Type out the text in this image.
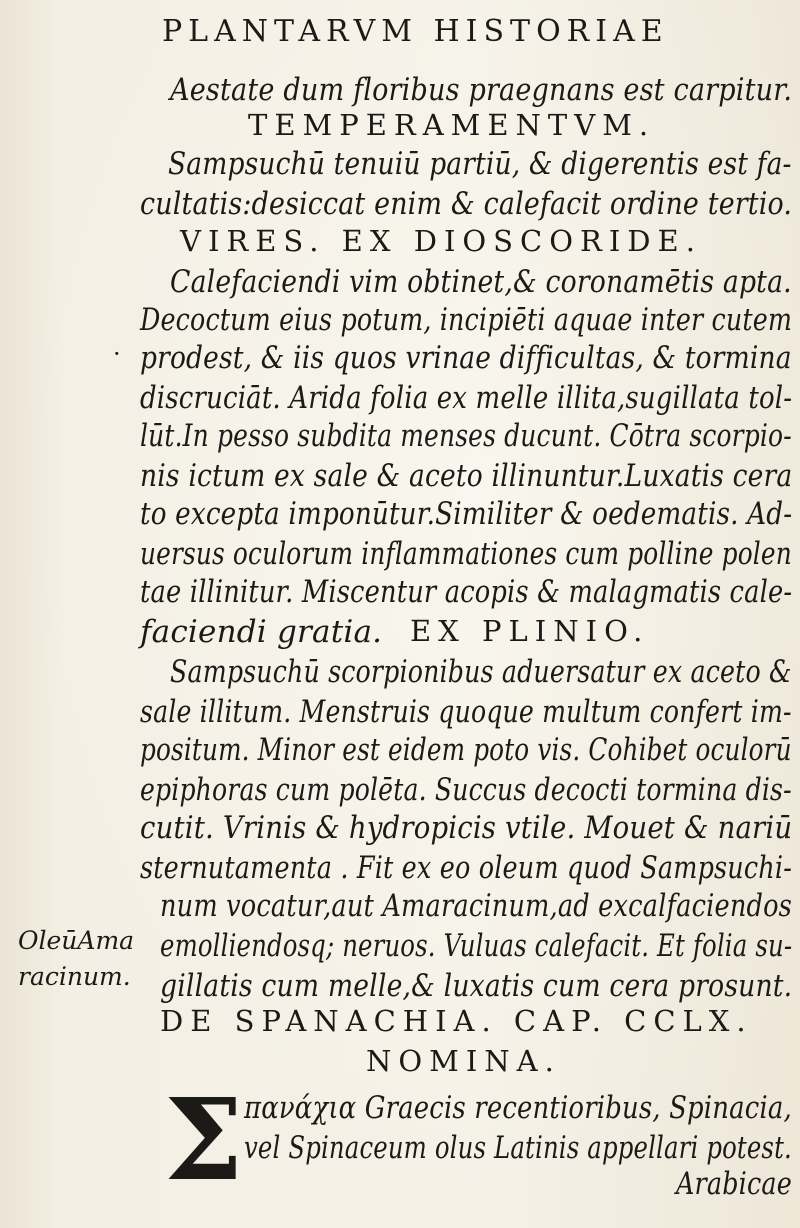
PLANTARVM HISTORIAE
Aestate dum floribus praegnans est carpitur.
TEMPERAMENTVM.
Sampsuchū tenuiū partiū, & digerentis est fa-
cultatis:desiccat enim & calefacit ordine tertio.
VIRES. EX DIOSCORIDE.
Calefaciendi vim obtinet,& coronamētis apta.
Decoctum eius potum, incipiēti aquae inter cutem
· prodest, & iis quos vrinae difficultas, & tormina
discruciāt. Arida folia ex melle illita,sugillata tol-
lūt.In pesso subdita menses ducunt. Cōtra scorpio-
nis ictum ex sale & aceto illinuntur.Luxatis cera
to excepta imponūtur.Similiter & oedematis. Ad-
uersus oculorum inflammationes cum polline polen
tae illinitur. Miscentur acopis & malagmatis cale-
faciendi gratia. EX PLINIO.
Sampsuchū scorpionibus aduersatur ex aceto &
sale illitum. Menstruis quoque multum confert im-
positum. Minor est eidem poto vis. Cohibet oculorū
epiphoras cum polēta. Succus decocti tormina dis-
cutit. Vrinis & hydropicis vtile. Mouet & nariū
sternutamenta . Fit ex eo oleum quod Sampsuchi-
num vocatur,aut Amaracinum,ad excalfaciendos
emolliendosq; neruos. Vuluas calefacit. Et folia su-
gillatis cum melle,& luxatis cum cera prosunt.
OleūAma
racinum.
DE SPANACHIA. CAP. CCLX.
NOMINA.
Σ πανάχια Graecis recentioribus, Spinacia,
vel Spinaceum olus Latinis appellari potest.
Arabicae
